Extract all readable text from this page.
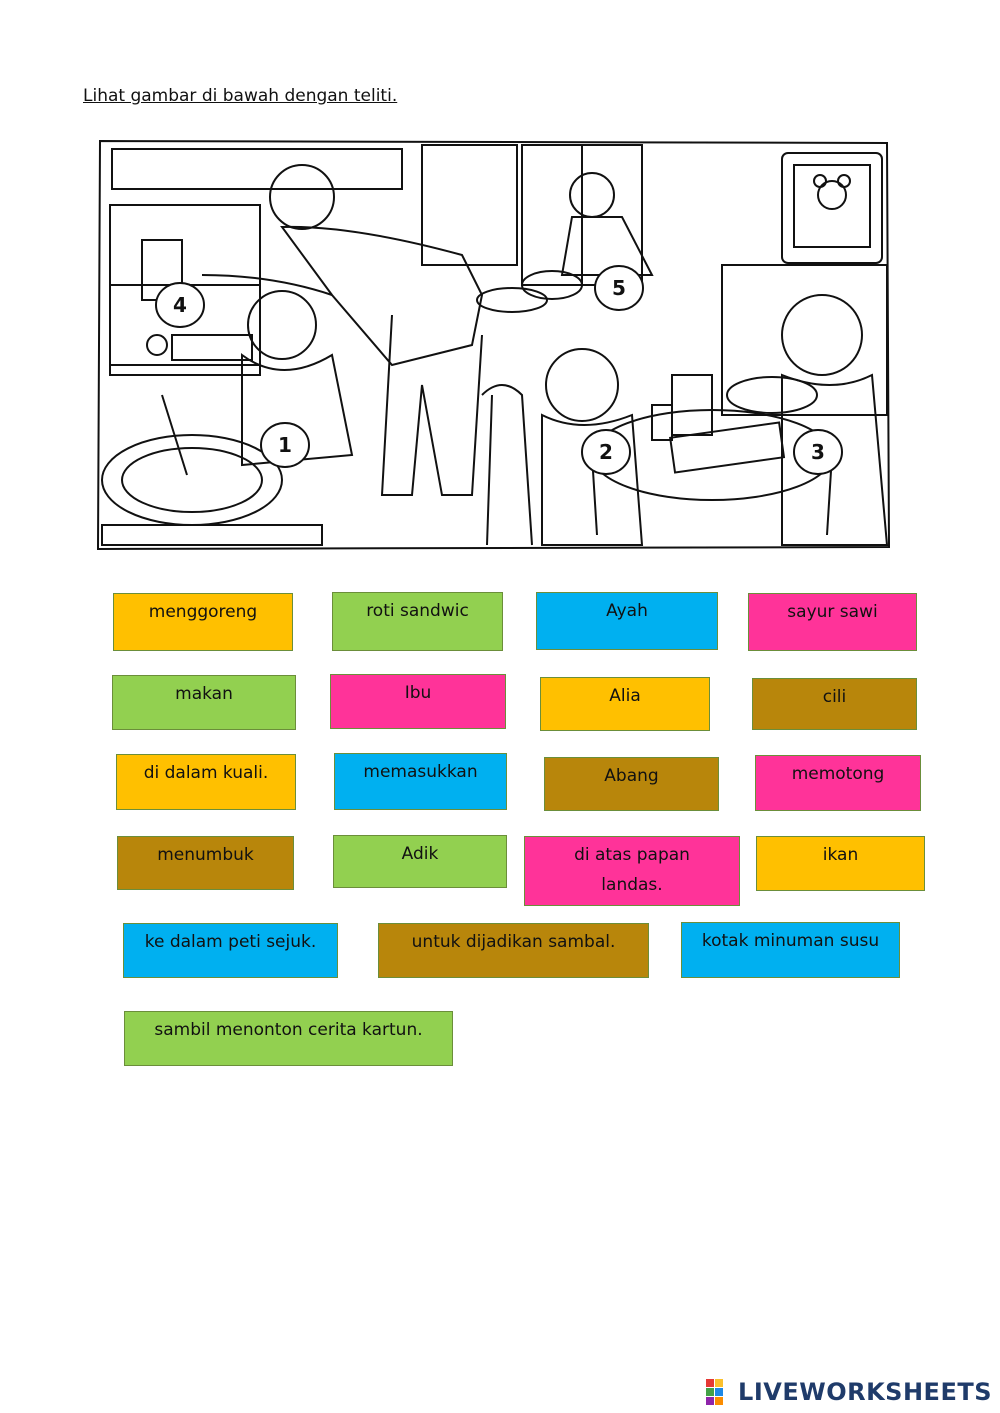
Lihat gambar di bawah dengan teliti.
1	2	3
4
5
menggoreng	roti sandwic	Ayah	sayur sawi
makan	Ibu	Alia	cili
di dalam kuali.	memasukkan	Abang	memotong
menumbuk	Adik	di atas papan landas.
ikan
ke dalam peti sejuk.	untuk dijadikan sambal.	kotak minuman susu
sambil menonton cerita kartun.
LIVEWORKSHEETS
